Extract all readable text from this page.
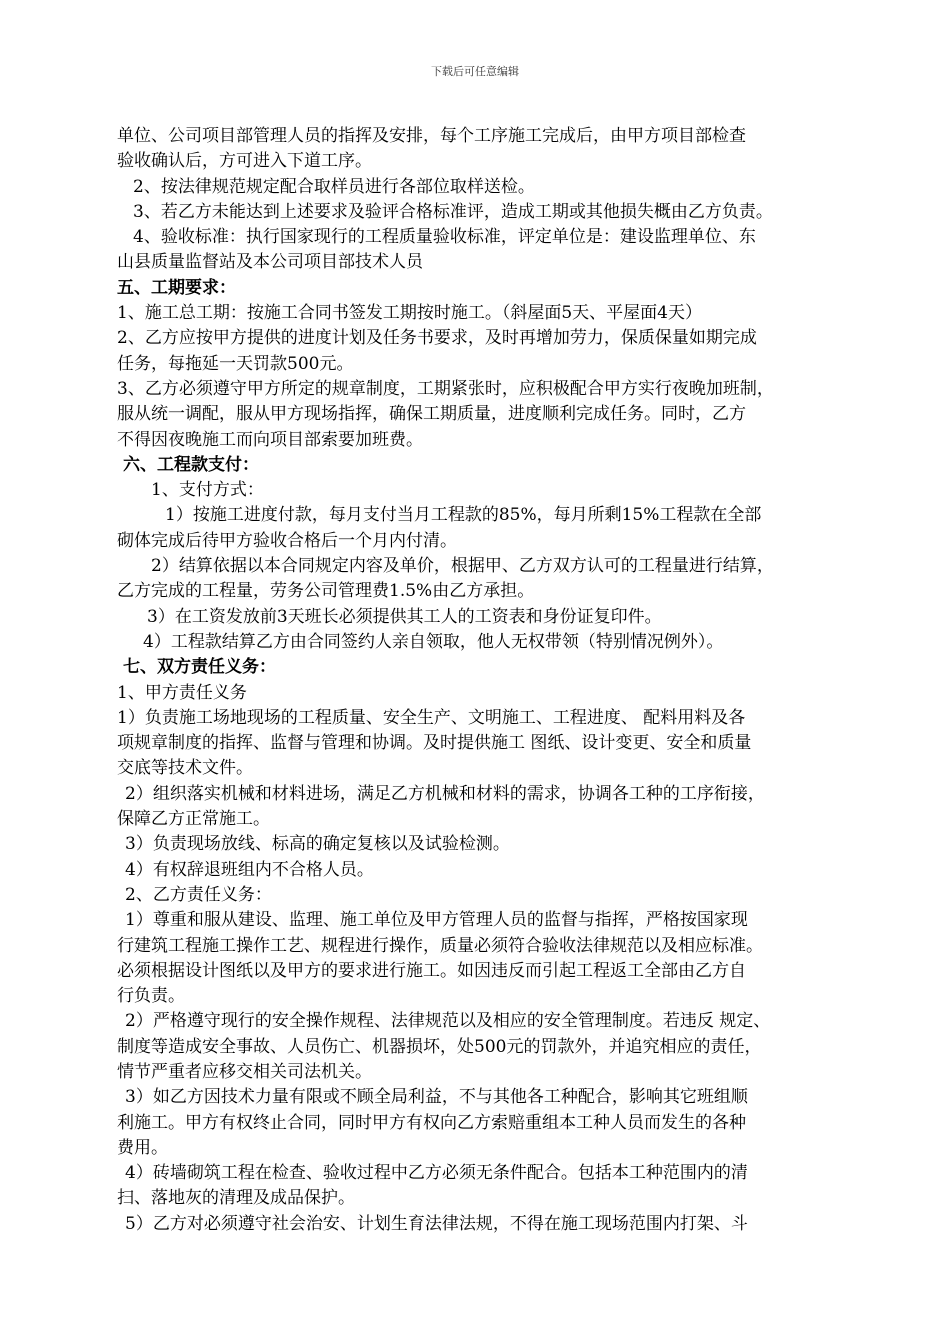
下载后可任意编辑
单位、公司项目部管理人员的指挥及安排，每个工序施工完成后，由甲方项目部检查
验收确认后，方可进入下道工序。
2、按法律规范规定配合取样员进行各部位取样送检。
3、若乙方未能达到上述要求及验评合格标准评，造成工期或其他损失概由乙方负责。
4、验收标准：执行国家现行的工程质量验收标准，评定单位是：建设监理单位、东
山县质量监督站及本公司项目部技术人员
五、工期要求：
1、施工总工期：按施工合同书签发工期按时施工。（斜屋面5天、平屋面4天）
2、乙方应按甲方提供的进度计划及任务书要求，及时再增加劳力，保质保量如期完成
任务，每拖延一天罚款500元。
3、乙方必须遵守甲方所定的规章制度，工期紧张时，应积极配合甲方实行夜晚加班制，
服从统一调配，服从甲方现场指挥，确保工期质量，进度顺利完成任务。同时，乙方
不得因夜晚施工而向项目部索要加班费。
六、工程款支付：
1、支付方式：
1）按施工进度付款，每月支付当月工程款的85%，每月所剩15%工程款在全部
砌体完成后待甲方验收合格后一个月内付清。
2）结算依据以本合同规定内容及单价，根据甲、乙方双方认可的工程量进行结算，
乙方完成的工程量，劳务公司管理费1.5%由乙方承担。
3）在工资发放前3天班长必须提供其工人的工资表和身份证复印件。
4）工程款结算乙方由合同签约人亲自领取，他人无权带领（特别情况例外）。
七、双方责任义务：
1、甲方责任义务
1）负责施工场地现场的工程质量、安全生产、文明施工、工程进度、 配料用料及各
项规章制度的指挥、监督与管理和协调。及时提供施工 图纸、设计变更、安全和质量
交底等技术文件。
2）组织落实机械和材料进场，满足乙方机械和材料的需求，协调各工种的工序衔接，
保障乙方正常施工。
3）负责现场放线、标高的确定复核以及试验检测。
4）有权辞退班组内不合格人员。
2、乙方责任义务：
1）尊重和服从建设、监理、施工单位及甲方管理人员的监督与指挥，严格按国家现
行建筑工程施工操作工艺、规程进行操作，质量必须符合验收法律规范以及相应标准。
必须根据设计图纸以及甲方的要求进行施工。如因违反而引起工程返工全部由乙方自
行负责。
2）严格遵守现行的安全操作规程、法律规范以及相应的安全管理制度。若违反 规定、
制度等造成安全事故、人员伤亡、机器损坏，处500元的罚款外，并追究相应的责任，
情节严重者应移交相关司法机关。
3）如乙方因技术力量有限或不顾全局利益，不与其他各工种配合，影响其它班组顺
利施工。甲方有权终止合同，同时甲方有权向乙方索赔重组本工种人员而发生的各种
费用。
4）砖墙砌筑工程在检查、验收过程中乙方必须无条件配合。包括本工种范围内的清
扫、落地灰的清理及成品保护。
5）乙方对必须遵守社会治安、计划生育法律法规，不得在施工现场范围内打架、斗
